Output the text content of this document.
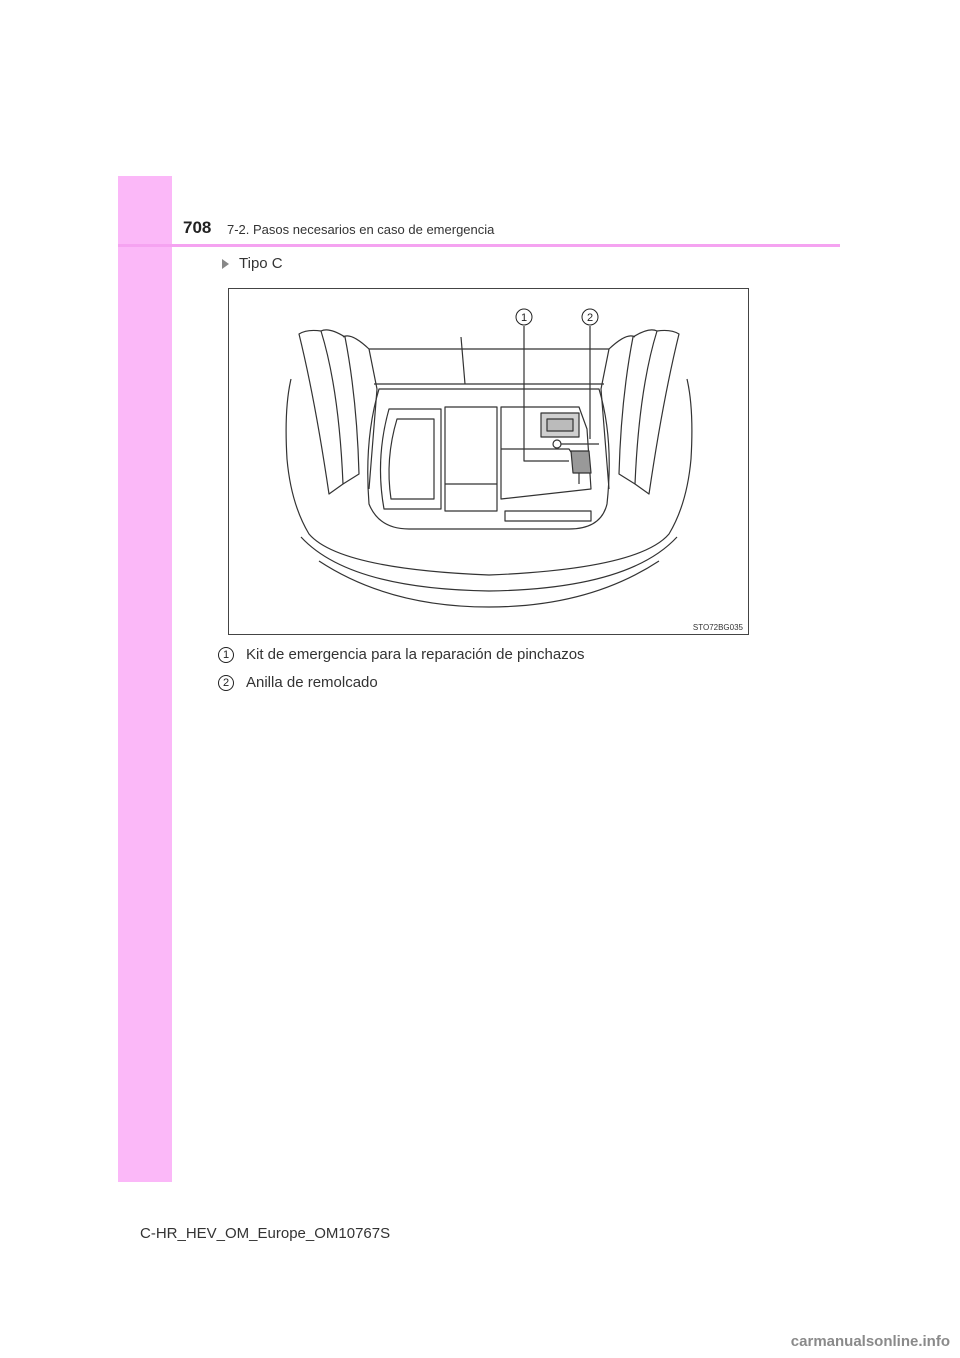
708 7-2. Pasos necesarios en caso de emergencia
Tipo C
1	2
STO72BG035
1	Kit de emergencia para la reparación de pinchazos
2	Anilla de remolcado
C-HR_HEV_OM_Europe_OM10767S
carmanualsonline.info
